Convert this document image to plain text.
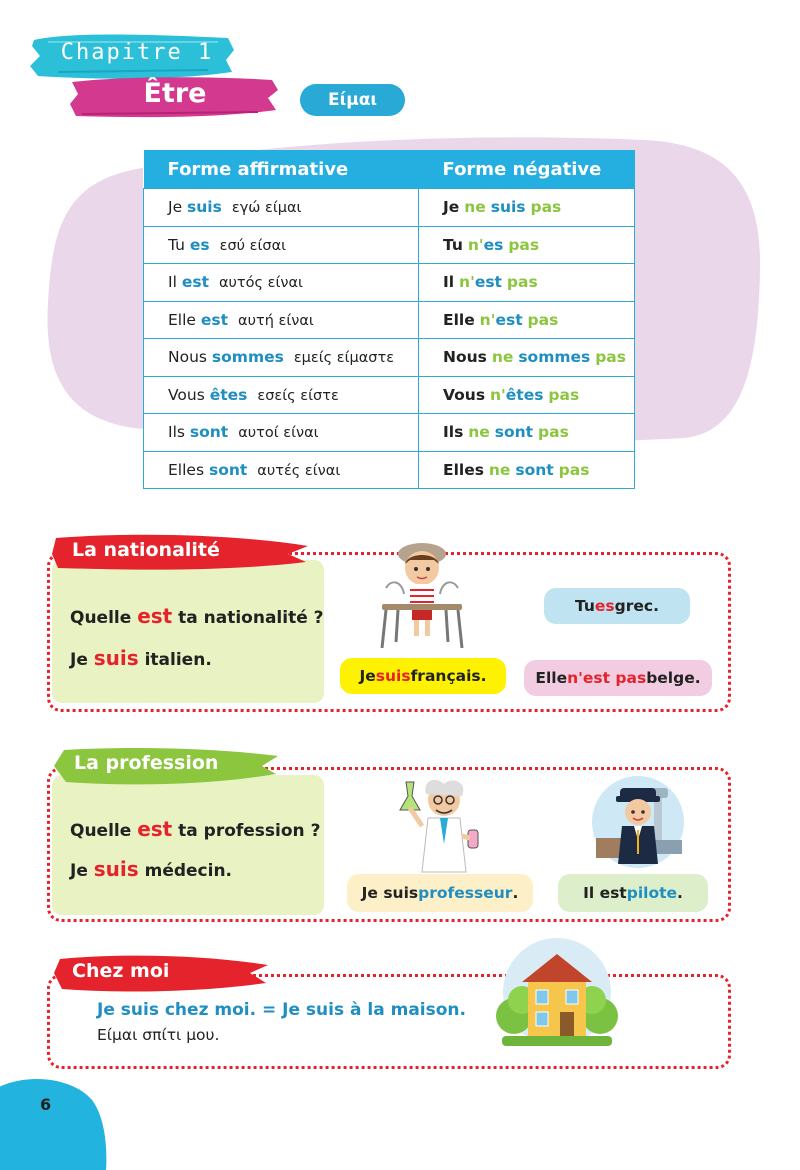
Chapitre 1
Être	Είμαι
Forme affirmative	Forme négative
Je suis εγώ είμαι	Je ne suis pas
Tu es εσύ είσαι	Tu n'es pas
Il est αυτός είναι	Il n'est pas
Elle est αυτή είναι	Elle n'est pas
Nous sommes εμείς είμαστε	Nous ne sommes pas
Vous êtes εσείς είστε	Vous n'êtes pas
Ils sont αυτοί είναι	Ils ne sont pas
Elles sont αυτές είναι	Elles ne sont pas
La nationalité
Quelle est ta nationalité ?
Je suis italien.
Je suis français.
Tu es grec.
Elle n'est pas belge.
La profession
Quelle est ta profession ?
Je suis médecin.
Je suis professeur .	Il est pilote .
Chez moi
Je suis chez moi. = Je suis à la maison.
Είμαι σπίτι μου.
6
